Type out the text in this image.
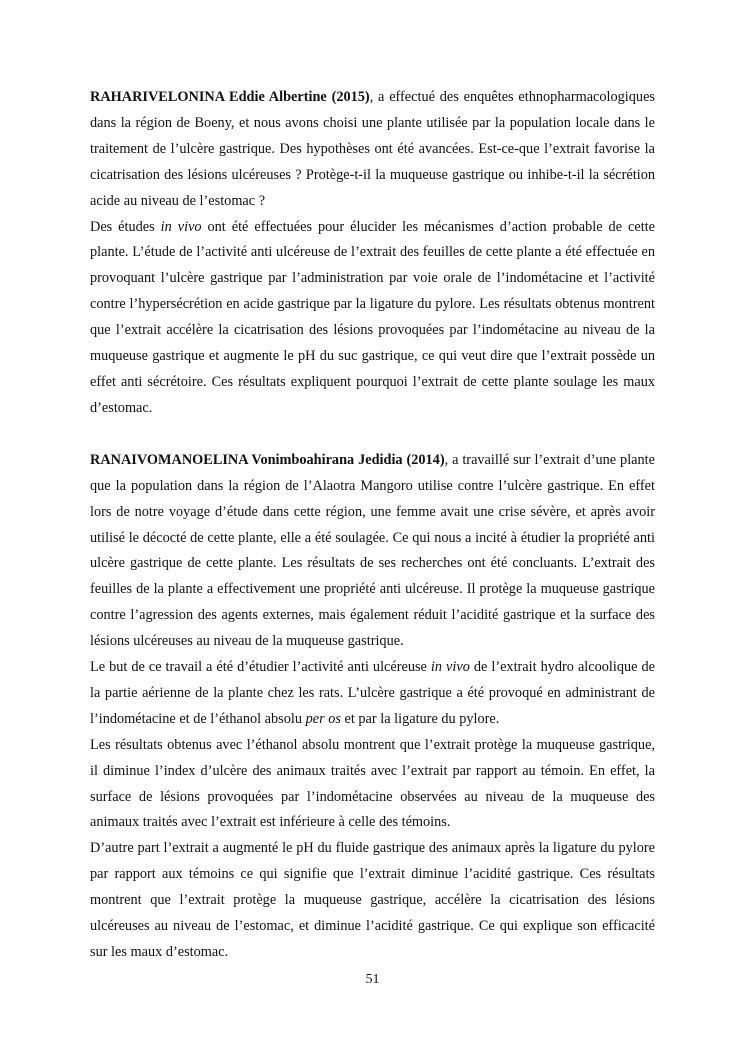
RAHARIVELONINA Eddie Albertine (2015), a effectué des enquêtes ethnopharmacologiques dans la région de Boeny, et nous avons choisi une plante utilisée par la population locale dans le traitement de l’ulcère gastrique. Des hypothèses ont été avancées. Est-ce-que l’extrait favorise la cicatrisation des lésions ulcéreuses ? Protège-t-il la muqueuse gastrique ou inhibe-t-il la sécrétion acide au niveau de l’estomac ?

Des études in vivo ont été effectuées pour élucider les mécanismes d’action probable de cette plante. L’étude de l’activité anti ulcéreuse de l’extrait des feuilles de cette plante a été effectuée en provoquant l’ulcère gastrique par l’administration par voie orale de l’indométacine et l’activité contre l’hypersécrétion en acide gastrique par la ligature du pylore. Les résultats obtenus montrent que l’extrait accélère la cicatrisation des lésions provoquées par l’indométacine au niveau de la muqueuse gastrique et augmente le pH du suc gastrique, ce qui veut dire que l’extrait possède un effet anti sécrétoire. Ces résultats expliquent pourquoi l’extrait de cette plante soulage les maux d’estomac.

RANAIVOMANOELINA Vonimboahirana Jedidia (2014), a travaillé sur l’extrait d’une plante que la population dans la région de l’Alaotra Mangoro utilise contre l’ulcère gastrique. En effet lors de notre voyage d’étude dans cette région, une femme avait une crise sévère, et après avoir utilisé le décocté de cette plante, elle a été soulagée. Ce qui nous a incité à étudier la propriété anti ulcère gastrique de cette plante. Les résultats de ses recherches ont été concluants. L’extrait des feuilles de la plante a effectivement une propriété anti ulcéreuse. Il protège la muqueuse gastrique contre l’agression des agents externes, mais également réduit l’acidité gastrique et la surface des lésions ulcéreuses au niveau de la muqueuse gastrique.

Le but de ce travail a été d’étudier l’activité anti ulcéreuse in vivo de l’extrait hydro alcoolique de la partie aérienne de la plante chez les rats. L’ulcère gastrique a été provoqué en administrant de l’indométacine et de l’éthanol absolu per os et par la ligature du pylore.

Les résultats obtenus avec l’éthanol absolu montrent que l’extrait protège la muqueuse gastrique, il diminue l’index d’ulcère des animaux traités avec l’extrait par rapport au témoin. En effet, la surface de lésions provoquées par l’indométacine observées au niveau de la muqueuse des animaux traités avec l’extrait est inférieure à celle des témoins.

D’autre part l’extrait a augmenté le pH du fluide gastrique des animaux après la ligature du pylore par rapport aux témoins ce qui signifie que l’extrait diminue l’acidité gastrique. Ces résultats montrent que l’extrait protège la muqueuse gastrique, accélère la cicatrisation des lésions ulcéreuses au niveau de l’estomac, et diminue l’acidité gastrique. Ce qui explique son efficacité sur les maux d’estomac.

51
